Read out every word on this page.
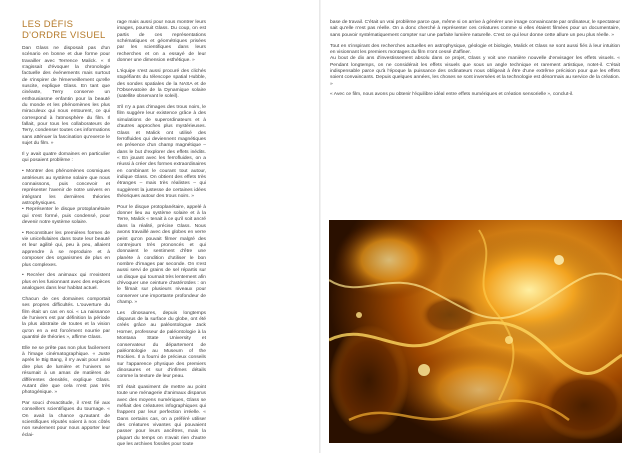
LES DÉFIS D'ORDRE VISUEL

Dan Glass ne disposait pas d'un scénario en bonne et due forme pour travailler avec Terrence Malick. « Il s'agissait d'évoquer la chronologie factuelle des événements mais surtout de s'inspirer de l'émerveillement qu'elle suscite, explique Glass. En tant que cinéaste, Terry conserve un enthousiasme enfantin pour la beauté du monde et les phénomènes les plus miraculeux qui nous entourent, ce qui correspond à l'atmosphère du film. Il fallait, pour tous les collaborateurs de Terry, condenser toutes ces informations sans atténuer la fascination qu'exerce le sujet du film. »

Il y avait quatre domaines en particulier qui posaient problème :

• Montrer des phénomènes cosmiques antérieurs au système solaire que nous connaissons, puis concevoir et représenter l'avenir de notre univers en intégrant les dernières théories astrophysiques.
• Représenter le disque protoplanétaire qui s'est formé, puis condensé, pour devenir notre système solaire.

• Reconstituer les premières formes de vie unicellulaires dans toute leur beauté et leur agilité qui, peu à peu, allaient apprendre à se reproduire et à composer des organismes de plus en plus complexes.

• Recréer des animaux qui n'existent plus en les fusionnant avec des espèces analogues dans leur habitat actuel.

Chacun de ces domaines comportait ses propres difficultés. L'ouverture du film était un cas en soi. « La naissance de l'univers est par définition la période la plus abstraite de toutes et la vision qu'on en a est forcément nourrie par quantité de théories », affirme Glass.

Elle ne se prête pas non plus facilement à l'image cinématographique. « Juste après le Big Bang, il n'y avait pour ainsi dire plus de lumière et l'univers se résumait à un amas de matières de différentes densités, explique Glass. Autant dire que cela n'est pas très photogénique. »

Par souci d'exactitude, il s'est fié aux conseillers scientifiques du tournage. « On avait la chance qu'autant de scientifiques réputés soient à nos côtés non seulement pour nous apporter leur éclai-

rage mais aussi pour nous montrer leurs images, poursuit Glass. Du coup, on est partis de ces représentations schématiques et géométriques prisées par les scientifiques dans leurs recherches et on a essayé de leur donner une dimension esthétique. »

L'équipe s'est aussi procuré des clichés stupéfiants du télescope spatial Hubble, des sondes spatiales de la NASA et de l'Observatoire de la Dynamique solaire (satellite observant le soleil).

S'il n'y a pas d'images des trous noirs, le film suggère leur existence grâce à des simulations de superordinateurs et à d'autres approches plus mystérieuses. Glass et Malick ont utilisé des ferrofluides qui deviennent magnétiques en présence d'un champ magnétique – dans le but d'explorer des effets inédits. « En jouant avec les ferrofluides, on a réussi à créer des formes extraordinaires en combinant le courant tout autour, indique Glass. On obtient des effets très étranges – mais très réalistes – qui suggèrent la justesse de certaines idées théoriques autour des trous noirs. »

Pour le disque protoplanétaire, appelé à donner lieu au système solaire et à la Terre, Malick « tenait à ce qu'il soit ancré dans la réalité, précise Glass. Nous avons travaillé avec des globes en verre peint qu'on pouvait filmer malgré des contrejours très prononcés et qui donnaient le sentiment d'être une planète à condition d'utiliser le bon nombre d'images par seconde. On s'est aussi servi de grains de sel répartis sur un disque qui tournait très lentement afin d'évoquer une ceinture d'astéroïdes : on le filmait sur plusieurs niveaux pour conserver une importante profondeur de champ. »

Les dinosaures, depuis longtemps disparus de la surface du globe, ont été créés grâce au paléontologue Jack Horner, professeur de paléontologie à la Montana State University et conservateur du département de paléontologie au Museum of the Rockies. Il a fourni de précieux conseils sur l'apparence physique des premiers dinosaures et sur d'infimes détails comme la texture de leur peau.

S'il était quasiment de mettre au point toute une ménagerie d'animaux disparus avec des moyens numériques, Glass se méfiait des créatures infographiques qui frappent par leur perfection irréelle. « Dans certains cas, on a préféré utiliser des créatures vivantes qui pouvaient passer pour leurs ancêtres, mais la plupart du temps on n'avait rien d'autre que les archives fossiles pour toute

base de travail. C'était un vrai problème parce que, même si on arrive à générer une image convaincante par ordinateur, le spectateur sait qu'elle n'est pas réelle. On a donc cherché à représenter ces créatures comme si elles étaient filmées pour un documentaire, sans pouvoir systématiquement compter sur une parfaite lumière naturelle. C'est ce qui leur donne cette allure un peu plus réelle. »

Tout en s'inspirant des recherches actuelles en astrophysique, géologie et biologie, Malick et Glass se sont aussi fiés à leur intuition en visionnant les premiers montages du film n'ont cessé d'affiner.
Au bout de dix ans d'investissement absolu dans ce projet, Glass y voit une manière nouvelle d'envisager les effets visuels. « Pendant longtemps, on ne considérait les effets visuels que sous un angle technique et rarement artistique, notet-il. C'était indispensable parce qu'à l'époque la puissance des ordinateurs nous obligeait à être d'une extrême précision pour que les effets soient convaincants. Depuis quelques années, les choses se sont inversées et la technologie est désormais au service de la création. »

« Avec ce film, nous avons pu obtenir l'équilibre idéal entre effets numériques et création sensorielle », conclut-il.
